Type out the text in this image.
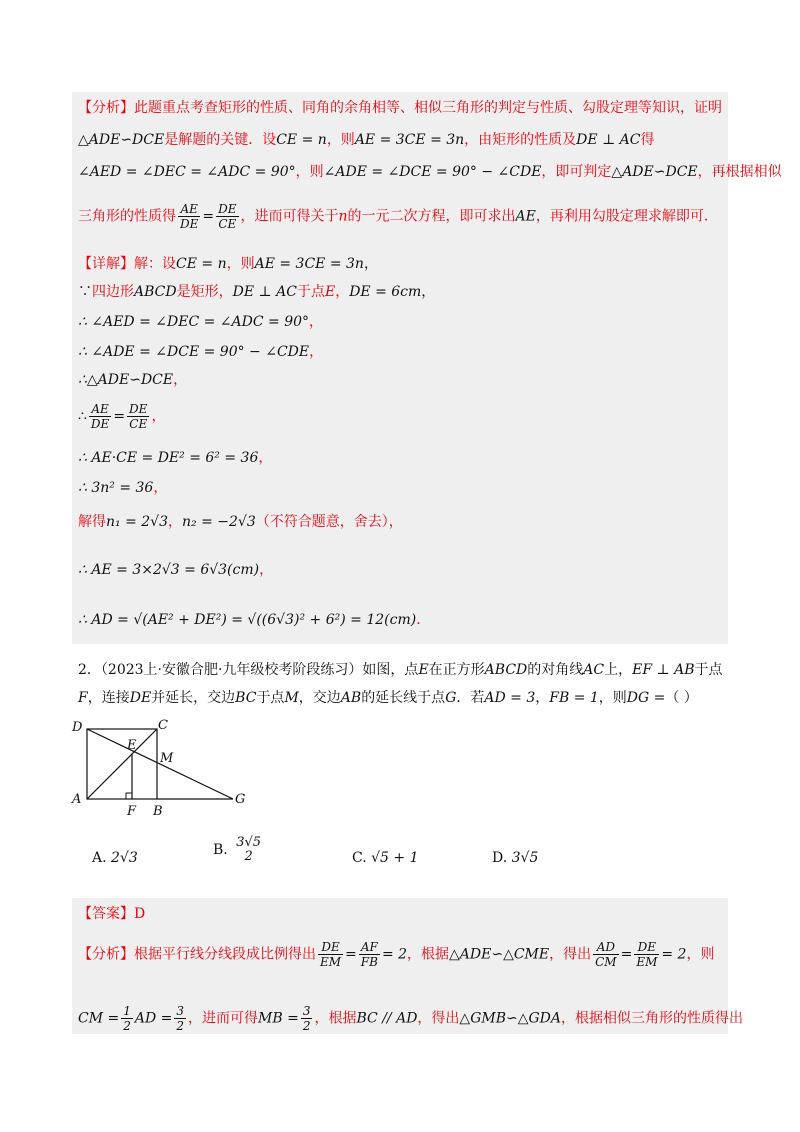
【分析】此题重点考查矩形的性质、同角的余角相等、相似三角形的判定与性质、勾股定理等知识，证明
△ADE∽DCE是解题的关键．设CE = n，则AE = 3CE = 3n，由矩形的性质及DE ⊥ AC得
∠AED = ∠DEC = ∠ADC = 90°，则∠ADE = ∠DCE = 90° − ∠CDE，即可判定△ADE∽DCE，再根据相似
三角形的性质得 $\frac{AE}{DE} = \frac{DE}{CE}$ ，进而可得关于n的一元二次方程，即可求出AE，再利用勾股定理求解即可.
【详解】解：设CE = n，则AE = 3CE = 3n，
∵四边形ABCD是矩形，DE ⊥ AC于点E，DE = 6cm，
∴ ∠AED = ∠DEC = ∠ADC = 90°，
∴ ∠ADE = ∠DCE = 90° − ∠CDE，
∴△ADE∽DCE，
∴ $\frac{AE}{DE} = \frac{DE}{CE}$ ，
∴ AE·CE = DE² = 6² = 36，
∴ 3n² = 36，
解得n₁ = 2√3，n₂ = −2√3（不符合题意，舍去），
∴ AE = 3×2√3 = 6√3(cm)，
∴ AD = √(AE² + DE²) = √((6√3)² + 6²) = 12(cm).
2．（2023上·安徽合肥·九年级校考阶段练习）如图，点E在正方形ABCD的对角线AC上，EF ⊥ AB于点
F，连接DE并延长，交边BC于点M，交边AB的延长线于点G．若AD = 3，FB = 1，则DG =（ ）
D	C
E
M
A
F B
G
A. 2√3	B. 3√5
2	C. √5 + 1	D. 3√5
【答案】D
【分析】根据平行线分线段成比例得出 $\frac{DE}{EM} = \frac{AF}{FB} = 2$，根据△ADE∽△CME，得出 $\frac{AD}{CM} = \frac{DE}{EM} = 2$，则
CM = $\frac{1}{2}$ AD = $\frac{3}{2}$ ，进而可得MB = $\frac{3}{2}$ ，根据BC // AD，得出△GMB∽△GDA，根据相似三角形的性质得出
